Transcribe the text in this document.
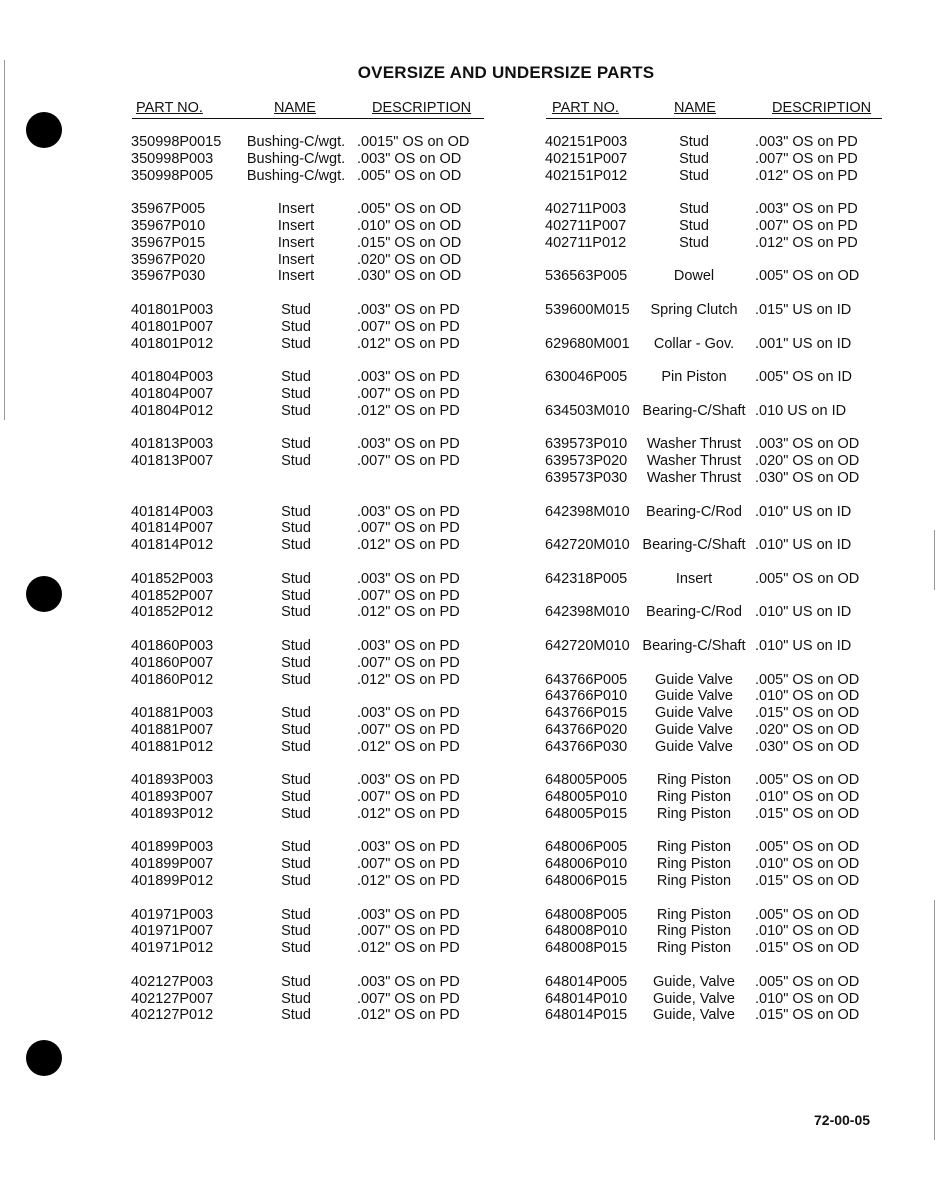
OVERSIZE AND UNDERSIZE PARTS
PART NO.	NAME	DESCRIPTION	PART NO.	NAME	DESCRIPTION
350998P0015	Bushing-C/wgt. .0015" OS on OD
350998P003	Bushing-C/wgt. .003" OS on OD
350998P005	Bushing-C/wgt. .005" OS on OD
35967P005	Insert	.005" OS on OD
35967P010	Insert	.010" OS on OD
35967P015	Insert	.015" OS on OD
35967P020	Insert	.020" OS on OD
35967P030	Insert	.030" OS on OD
401801P003	Stud	.003" OS on PD
401801P007	Stud	.007" OS on PD
401801P012	Stud	.012" OS on PD
401804P003	Stud	.003" OS on PD
401804P007	Stud	.007" OS on PD
401804P012	Stud	.012" OS on PD
401813P003	Stud	.003" OS on PD
401813P007	Stud	.007" OS on PD
401814P003	Stud	.003" OS on PD
401814P007	Stud	.007" OS on PD
401814P012	Stud	.012" OS on PD
401852P003	Stud	.003" OS on PD
401852P007	Stud	.007" OS on PD
401852P012	Stud	.012" OS on PD
401860P003	Stud	.003" OS on PD
401860P007	Stud	.007" OS on PD
401860P012	Stud	.012" OS on PD
401881P003	Stud	.003" OS on PD
401881P007	Stud	.007" OS on PD
401881P012	Stud	.012" OS on PD
401893P003	Stud	.003" OS on PD
401893P007	Stud	.007" OS on PD
401893P012	Stud	.012" OS on PD
401899P003	Stud	.003" OS on PD
401899P007	Stud	.007" OS on PD
401899P012	Stud	.012" OS on PD
401971P003	Stud	.003" OS on PD
401971P007	Stud	.007" OS on PD
401971P012	Stud	.012" OS on PD
402127P003	Stud	.003" OS on PD
402127P007	Stud	.007" OS on PD
402127P012	Stud	.012" OS on PD
402151P003	Stud	.003" OS on PD
402151P007	Stud	.007" OS on PD
402151P012	Stud	.012" OS on PD
402711P003	Stud	.003" OS on PD
402711P007	Stud	.007" OS on PD
402711P012	Stud	.012" OS on PD
536563P005	Dowel	.005" OS on OD
539600M015	Spring Clutch	.015" US on ID
629680M001	Collar - Gov.	.001" US on ID
630046P005	Pin Piston	.005" OS on ID
634503M010 Bearing-C/Shaft .010 US on ID
639573P010	Washer Thrust .003" OS on OD
639573P020	Washer Thrust .020" OS on OD
639573P030	Washer Thrust .030" OS on OD
642398M010	Bearing-C/Rod .010" US on ID
642720M010 Bearing-C/Shaft .010" US on ID
642318P005	Insert	.005" OS on OD
642398M010	Bearing-C/Rod .010" US on ID
642720M010 Bearing-C/Shaft .010" US on ID
643766P005	Guide Valve	.005" OS on OD
643766P010	Guide Valve	.010" OS on OD
643766P015	Guide Valve	.015" OS on OD
643766P020	Guide Valve	.020" OS on OD
643766P030	Guide Valve	.030" OS on OD
648005P005	Ring Piston	.005" OS on OD
648005P010	Ring Piston	.010" OS on OD
648005P015	Ring Piston	.015" OS on OD
648006P005	Ring Piston	.005" OS on OD
648006P010	Ring Piston	.010" OS on OD
648006P015	Ring Piston	.015" OS on OD
648008P005	Ring Piston	.005" OS on OD
648008P010	Ring Piston	.010" OS on OD
648008P015	Ring Piston	.015" OS on OD
648014P005	Guide, Valve	.005" OS on OD
648014P010	Guide, Valve	.010" OS on OD
648014P015	Guide, Valve	.015" OS on OD
72-00-05
